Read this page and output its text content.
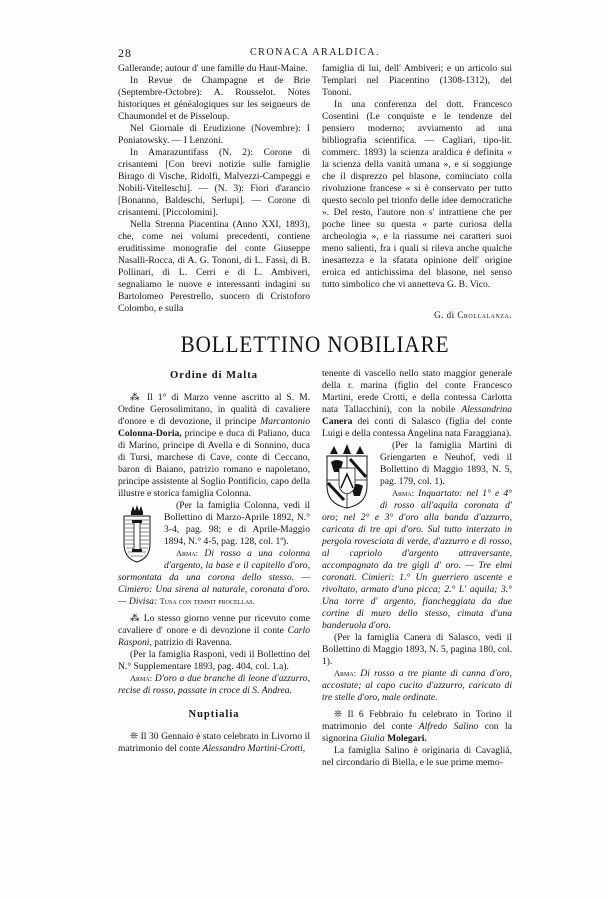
28	CRONACA ARALDICA.

Gallerande; autour d' une famille du Haut-Maine.

In Revue de Champagne et de Brie (Septembre-Octobre): A. Rousselot. Notes historiques et généalogiques sur les seigneurs de Chaumondel et de Pisseloup.

Nel Giornale di Erudizione (Novembre): I Poniatowsky. — I Lenzoni.

In Amarazuntifass (N. 2): Corone di crisantemi [Con brevi notizie sulle famiglie Birago di Vische, Ridolfi, Malvezzi-Campeggi e Nobili-Vitelleschi]. — (N. 3): Fiori d'arancio [Bonanno, Baldeschi, Serlupi]. — Corone di crisantemi. [Piccolomini].

Nella Strenna Piacentina (Anno XXI, 1893), che, come nei volumi precedenti, contiene eruditissime monografie del conte Giuseppe Nasalli-Rocca, di A. G. Tononi, di L. Fassi, di B. Pollinari, di L. Cerri e di L. Ambiveri, segnaliamo le nuove e interessanti indagini su Bartolomeo Perestrello, suocero di Cristoforo Colombo, e sulla

famiglia di lui, dell' Ambiveri; e un articolo sui Templari nel Piacentino (1308-1312), del Tononi.

In una conferenza del dott. Francesco Cosentini (Le conquiste e le tendenze del pensiero moderno; avviamento ad una bibliografia scientifica. — Cagliari, tipo-lit. commerc. 1893) la scienza araldica è definita « la scienza della vanità umana », e si soggiunge che il disprezzo pel blasone, cominciato colla rivoluzione francese « si è conservato per tutto questo secolo pel trionfo delle idee democratiche ». Del resto, l'autore non s' intrattiene che per poche linee su questa « parte curiosa della archeologia », e la riassume nei caratteri suoi meno salienti, fra i quali si rileva anche qualche inesattezza e la sfatata opinione dell' origine eroica ed antichissima del blasone, nel senso tutto simbolico che vi annetteva G. B. Vico.

G. di Crollalanza.

BOLLETTINO NOBILIARE

Ordine di Malta

⁂ Il 1° di Marzo venne ascritto al S. M. Ordine Gerosolimitano, in qualità di cavaliere d'onore e di devozione, il principe Marcantonio Colonna-Doria, principe e duca di Paliano, duca di Marino, principe di Avella e di Sonnino, duca di Tursi, marchese di Cave, conte di Ceccano, baron di Baiano, patrizio romano e napoletano, principe assistente al Soglio Pontificio, capo della illustre e storica famiglia Colonna.

(Per la famiglia Colonna, vedi il Bollettino di Marzo-Aprile 1892, N.° 3-4, pag. 98; e di Aprile-Maggio 1894, N.° 4-5, pag. 128, col. 1ª).

Arma: Di rosso a una colonna d'argento, la base e il capitello d'oro, sormontata da una corona dello stesso. — Cimiero: Una sirena al naturale, coronata d'oro. — Divisa: Tusa con temnit procellas.

⁂ Lo stesso giorno venne pur ricevuto come cavaliere d' onore e di devozione il conte Carlo Rasponi, patrizio di Ravenna.

(Per la famiglia Rasponi, vedi il Bollettino del N.° Supplementare 1893, pag. 404, col. 1.a).

Arma: D'oro a due branche di leone d'azzurro, recise di rosso, passate in croce di S. Andrea.

Nuptialia

❊ Il 30 Gennaio è stato celebrato in Livorno il matrimonio del conte Alessandro Martini-Crotti,

tenente di vascello nello stato maggior generale della r. marina (figlio del conte Francesco Martini, erede Crotti, e della contessa Carlotta nata Tallacchini), con la nobile Alessandrina Canera dei conti di Salasco (figlia del conte Luigi e della contessa Angelina nata Faraggiana).

(Per la famiglia Martini di Griengarten e Neuhof, vedi il Bollettino di Maggio 1893, N. 5, pag. 179, col. 1).

Arma: Inquartato: nel 1° e 4° di rosso all'aquila coronata d' oro; nel 2° e 3° d'oro alla banda d'azzurro, caricata di tre api d'oro. Sul tutto interzato in pergola rovesciata di verde, d'azzurro e di rosso, al capriolo d'argento attraversante, accompagnato da tre gigli d' oro. — Tre elmi coronati. Cimieri: 1.° Un guerriero uscente e rivoltato, armato d'una picca; 2.° L' aquila; 3.° Una torre d' argento, fiancheggiata da due cortine di muro dello stesso, cimata d'una banderuola d'oro.

(Per la famiglia Canera di Salasco, vedi il Bollettino di Maggio 1893, N. 5, pagina 180, col. 1).

Arma: Di rosso a tre piante di canna d'oro, accostate; al capo cucito d'azzurro, caricato di tre stelle d'oro, male ordinate.

❊ Il 6 Febbraio fu celebrato in Torino il matrimonio del conte Alfredo Salino con la signorina Giulia Molegari.

La famiglia Salino è originaria di Cavagliá, nel circondario di Biella, e le sue prime memo-
